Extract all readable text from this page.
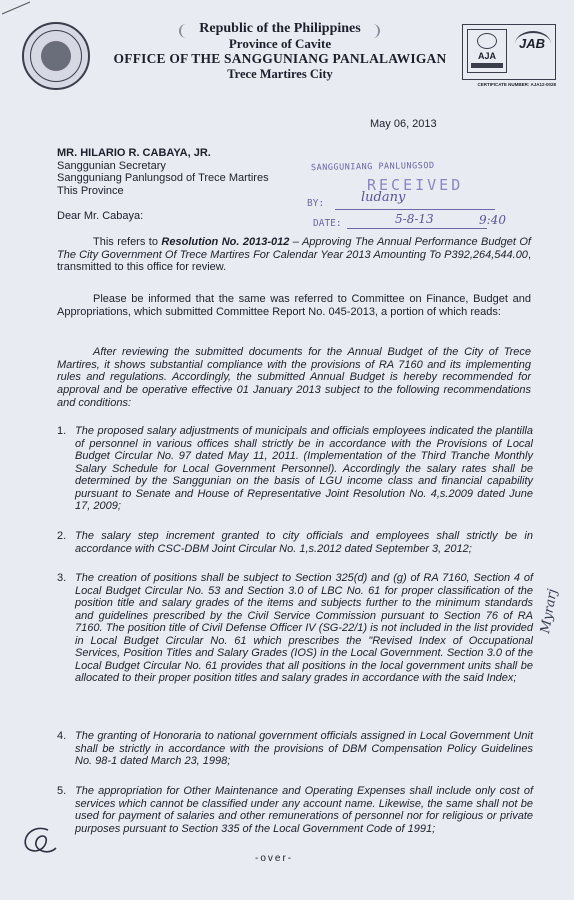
Republic of the Philippines
Province of Cavite
OFFICE OF THE SANGGUNIANG PANLALAWIGAN
Trece Martires City
AJA
JAB
CERTIFICATE NUMBER: AJA12-0028
May 06, 2013
MR. HILARIO R. CABAYA, JR.
Sanggunian Secretary
Sangguniang Panlungsod of Trece Martires
This Province
SANGGUNIANG PANLUNGSOD
RECEIVED
BY:	ludany
DATE:	5-8-13	9:40
Dear Mr. Cabaya:
This refers to Resolution No. 2013-012 – Approving The Annual Performance Budget Of The City Government Of Trece Martires For Calendar Year 2013 Amounting To P392,264,544.00, transmitted to this office for review.
Please be informed that the same was referred to Committee on Finance, Budget and Appropriations, which submitted Committee Report No. 045-2013, a portion of which reads:
After reviewing the submitted documents for the Annual Budget of the City of Trece Martires, it shows substantial compliance with the provisions of RA 7160 and its implementing rules and regulations. Accordingly, the submitted Annual Budget is hereby recommended for approval and be operative effective 01 January 2013 subject to the following recommendations and conditions:
1. The proposed salary adjustments of municipals and officials employees indicated the plantilla of personnel in various offices shall strictly be in accordance with the Provisions of Local Budget Circular No. 97 dated May 11, 2011. (Implementation of the Third Tranche Monthly Salary Schedule for Local Government Personnel). Accordingly the salary rates shall be determined by the Sanggunian on the basis of LGU income class and financial capability pursuant to Senate and House of Representative Joint Resolution No. 4,s.2009 dated June 17, 2009;
2. The salary step increment granted to city officials and employees shall strictly be in accordance with CSC-DBM Joint Circular No. 1,s.2012 dated September 3, 2012;
3. The creation of positions shall be subject to Section 325(d) and (g) of RA 7160, Section 4 of Local Budget Circular No. 53 and Section 3.0 of LBC No. 61 for proper classification of the position title and salary grades of the items and subjects further to the minimum standards and guidelines prescribed by the Civil Service Commission pursuant to Section 76 of RA 7160. The position title of Civil Defense Officer IV (SG-22/1) is not included in the list provided in Local Budget Circular No. 61 which prescribes the "Revised Index of Occupational Services, Position Titles and Salary Grades (IOS) in the Local Government. Section 3.0 of the Local Budget Circular No. 61 provides that all positions in the local government units shall be allocated to their proper position titles and salary grades in accordance with the said Index;
4. The granting of Honoraria to national government officials assigned in Local Government Unit shall be strictly in accordance with the provisions of DBM Compensation Policy Guidelines No. 98-1 dated March 23, 1998;
5. The appropriation for Other Maintenance and Operating Expenses shall include only cost of services which cannot be classified under any account name. Likewise, the same shall not be used for payment of salaries and other remunerations of personnel nor for religious or private purposes pursuant to Section 335 of the Local Government Code of 1991;
-over-
Myrarj
